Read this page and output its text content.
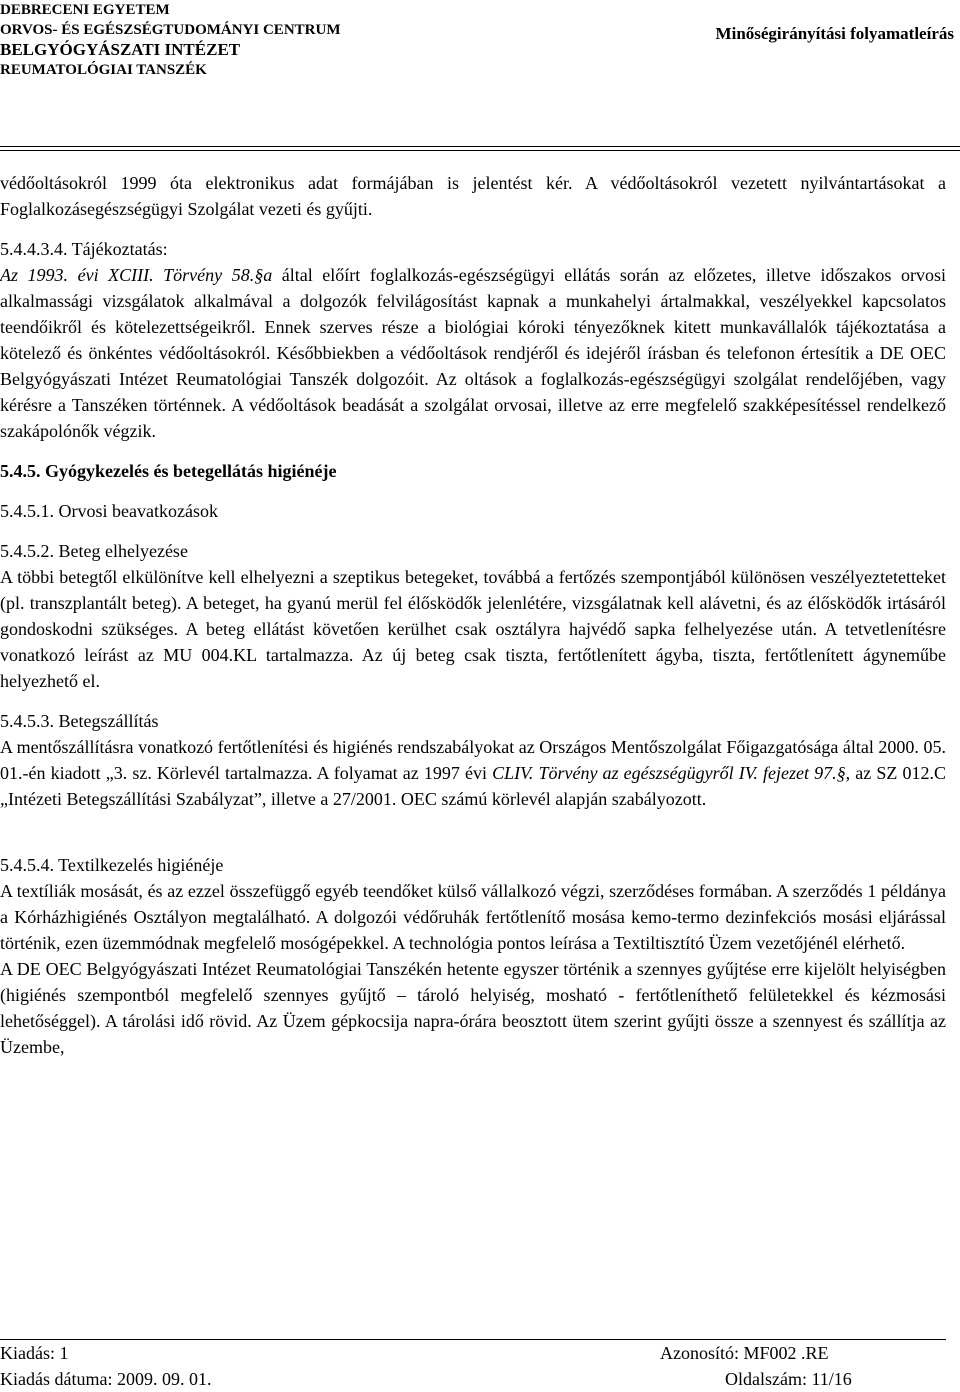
DEBRECENI EGYETEM
ORVOS- ÉS EGÉSZSÉGTUDOMÁNYI CENTRUM
BELGYÓGYÁSZATI INTÉZET
REUMATOLÓGIAI TANSZÉK
Minőségirányítási folyamatleírás

védőoltásokról 1999 óta elektronikus adat formájában is jelentést kér. A védőoltásokról vezetett nyilvántartásokat a Foglalkozásegészségügyi Szolgálat vezeti és gyűjti.

5.4.4.3.4. Tájékoztatás:

Az 1993. évi XCIII. Törvény 58.§a által előírt foglalkozás-egészségügyi ellátás során az előzetes, illetve időszakos orvosi alkalmassági vizsgálatok alkalmával a dolgozók felvilágosítást kapnak a munkahelyi ártalmakkal, veszélyekkel kapcsolatos teendőikről és kötelezettségeikről. Ennek szerves része a biológiai kóroki tényezőknek kitett munkavállalók tájékoztatása a kötelező és önkéntes védőoltásokról. Későbbiekben a védőoltások rendjéről és idejéről írásban és telefonon értesítik a DE OEC Belgyógyászati Intézet Reumatológiai Tanszék dolgozóit. Az oltások a foglalkozás-egészségügyi szolgálat rendelőjében, vagy kérésre a Tanszéken történnek. A védőoltások beadását a szolgálat orvosai, illetve az erre megfelelő szakképesítéssel rendelkező szakápolónők végzik.

5.4.5. Gyógykezelés és betegellátás higiénéje

5.4.5.1. Orvosi beavatkozások

5.4.5.2. Beteg elhelyezése

A többi betegtől elkülönítve kell elhelyezni a szeptikus betegeket, továbbá a fertőzés szempontjából különösen veszélyeztetetteket (pl. transzplantált beteg). A beteget, ha gyanú merül fel élősködők jelenlétére, vizsgálatnak kell alávetni, és az élősködők irtásáról gondoskodni szükséges. A beteg ellátást követően kerülhet csak osztályra hajvédő sapka felhelyezése után. A tetvetlenítésre vonatkozó leírást az MU 004.KL tartalmazza. Az új beteg csak tiszta, fertőtlenített ágyba, tiszta, fertőtlenített ágyneműbe helyezhető el.

5.4.5.3. Betegszállítás

A mentőszállításra vonatkozó fertőtlenítési és higiénés rendszabályokat az Országos Mentőszolgálat Főigazgatósága által 2000. 05. 01.-én kiadott „3. sz. Körlevél tartalmazza. A folyamat az 1997 évi CLIV. Törvény az egészségügyről IV. fejezet 97.§, az SZ 012.C „Intézeti Betegszállítási Szabályzat”, illetve a 27/2001. OEC számú körlevél alapján szabályozott.

5.4.5.4. Textilkezelés higiénéje

A textíliák mosását, és az ezzel összefüggő egyéb teendőket külső vállalkozó végzi, szerződéses formában. A szerződés 1 példánya a Kórházhigiénés Osztályon megtalálható. A dolgozói védőruhák fertőtlenítő mosása kemo-termo dezinfekciós mosási eljárással történik, ezen üzemmódnak megfelelő mosógépekkel. A technológia pontos leírása a Textiltisztító Üzem vezetőjénél elérhető.

A DE OEC Belgyógyászati Intézet Reumatológiai Tanszékén hetente egyszer történik a szennyes gyűjtése erre kijelölt helyiségben (higiénés szempontból megfelelő szennyes gyűjtő – tároló helyiség, mosható - fertőtleníthető felületekkel és kézmosási lehetőséggel). A tárolási idő rövid. Az Üzem gépkocsija napra-órára beosztott ütem szerint gyűjti össze a szennyest és szállítja az Üzembe,

Kiadás: 1	Azonosító: MF002 .RE
Kiadás dátuma: 2009. 09. 01.	Oldalszám: 11/16
